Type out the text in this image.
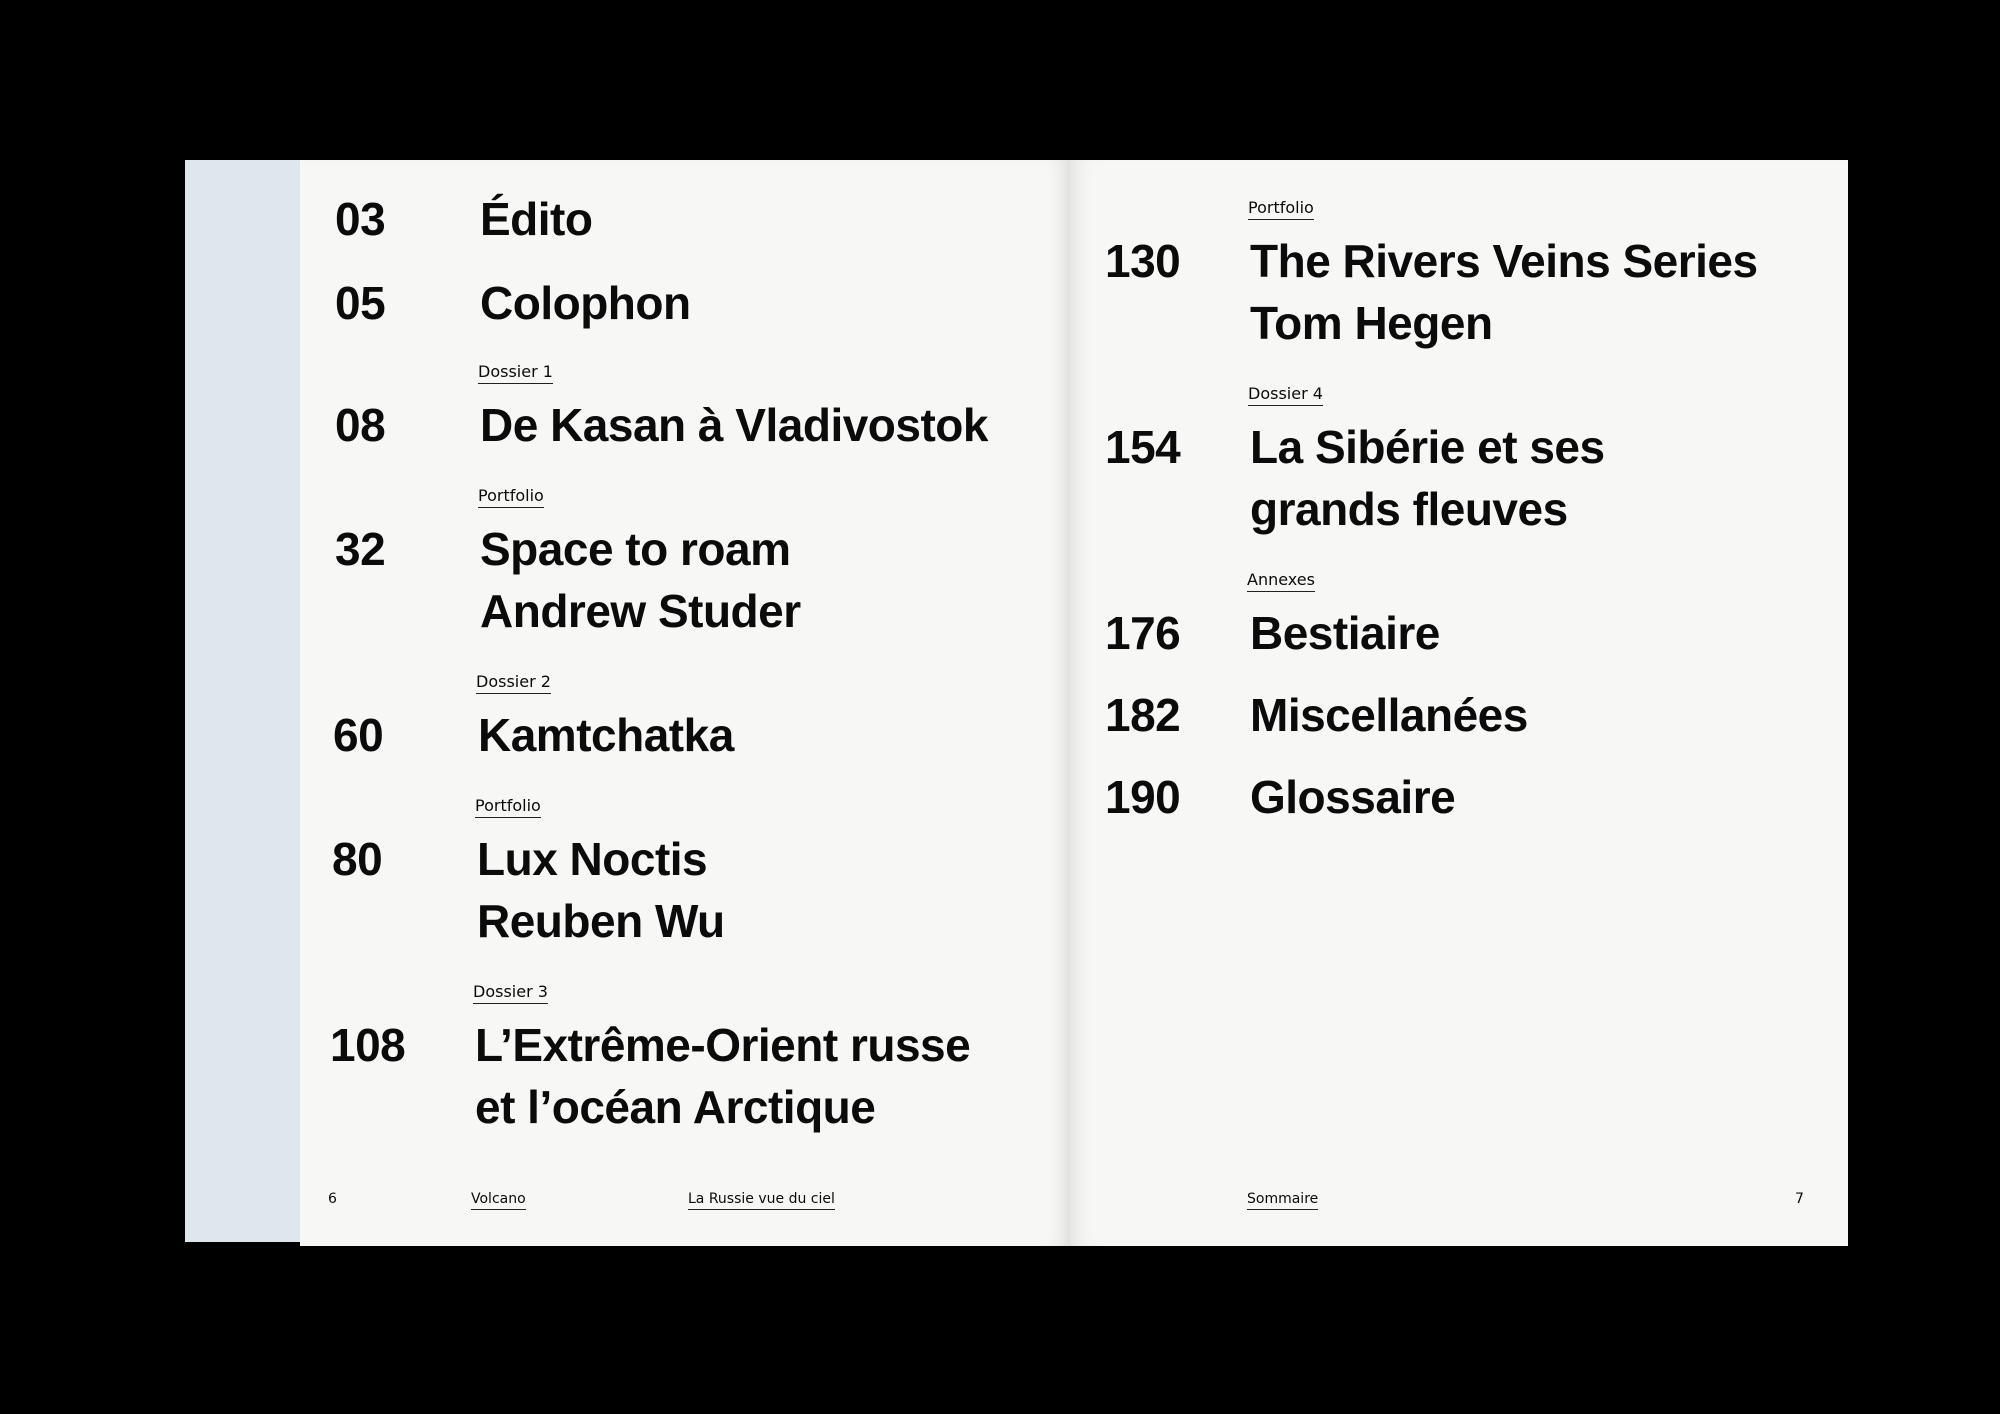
03 Édito
05 Colophon
Dossier 1
08 De Kasan à Vladivostok
Portfolio
32 Space to roam
Andrew Studer
Dossier 2
60 Kamtchatka
Portfolio
80 Lux Noctis
Reuben Wu
Dossier 3
108 L’Extrême-Orient russe
et l’océan Arctique
6	Volcano	La Russie vue du ciel
Portfolio
130 The Rivers Veins Series
Tom Hegen
Dossier 4
154 La Sibérie et ses
grands fleuves
Annexes
176 Bestiaire
182 Miscellanées
190 Glossaire
Sommaire	7
